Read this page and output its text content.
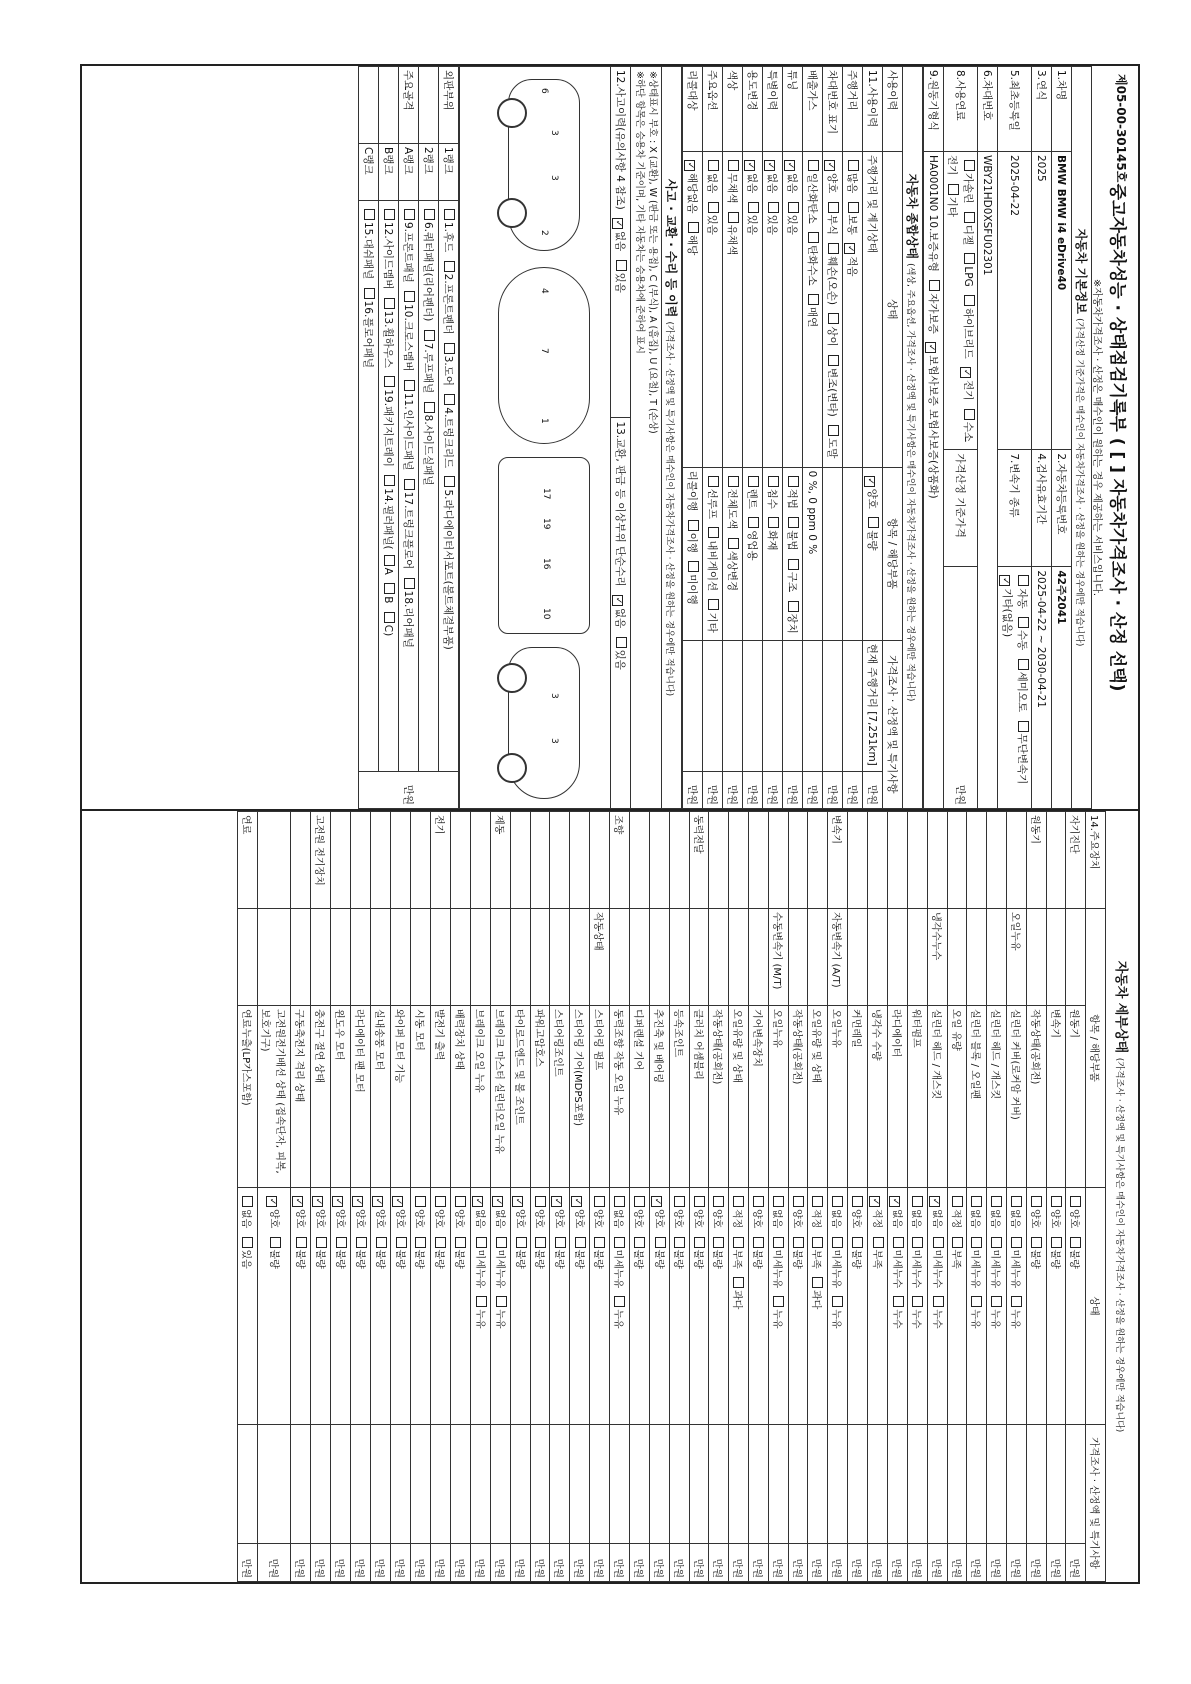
제05-00-30145호
중고자동차성능 · 상태점검기록부 ( [ ] 자동차가격조사 · 산정 선택)
※자동차가격조사 · 산정은 매수인이 원하는 경우 제공하는 서비스입니다.
자동차 기본정보 (가격산정 기준가격은 매수인이 자동차가격조사 · 산정을 원하는 경우에만 적습니다)			
1.차명	BMW BMW i4 eDrive40	2.자동차등록번호	42주2041
3.연식	2025	4.검사유효기간	2025-04-22 ~ 2030-04-21
5.최초등록일	2025-04-22	7.변속기 종류	자동 수동 세미오토 무단변속기 ✓기타(없음)
6.차대번호	WBY21HD0XSFU02301		
8.사용연료	가솔린 디젤 LPG 하이브리드 ✓전기 수소전기 기타	가격산정 기준가격	만원
9.원동기형식	HA0001N0 10.보증유형 자가보증 ✓보험사보증 보험사보증(상품화)
자동차 종합상태 (색상, 주요옵션, 가격조사 · 산정액 및 특기사항은 매수인이 자동차가격조사 · 산정을 원하는 경우에만 적습니다)				
사용이력	상태	항목 / 해당부품	가격조사 · 산정액 및 특기사항	
11.사용이력	주행거리 및 계기상태	✓양호 불량	현재 주행거리 [7,251km]	만원
주행거리	많음 보통 ✓적음			만원
차대번호 표기	✓양호 부식 훼손(오손) 상이 변조(변타) 도말			만원
배출가스	일산화탄소 탄화수소 매연	0 %, 0 ppm 0 %		만원
튜닝	✓없음 있음	적법 불법 구조 장치		만원
특별이력	✓없음 있음	침수 화재		만원
용도변경	✓없음 있음	렌트 영업용		만원
색상	무채색 유채색	전체도색 색상변경		만원
주요옵션	없음 있음	선루프 내비게이션 기타		만원
리콜대상	✓해당없음 해당	리콜이행 이행 미이행		만원
사고 · 교환 · 수리 등 이력 (가격조사 · 산정액 및 특기사항은 매수인이 자동차가격조사 · 산정을 원하는 경우에만 적습니다)

※상태표시 부호 : X (교환), W (판금 또는 용접), C (부식), A (흠집), U (요철), T (손상)
※하단 항목은 승용차 기준이며, 기타 자동차는 승용차에 준하여 표시

12.사고이력(유의사항 4 참조) ✓없음 있음	13.교환, 판금 등 이상부위 단순수리 ✓없음 있음
3
3
6
2
4
7
1
17
19
16
10
3
3
외판부위	1랭크	1.후드 2.프론트펜더 3.도어 4.트렁크리드 5.라디에이터서포트(볼트체결부품)	만원
	2랭크	6.쿼터패널(리어펜더) 7.루프패널 8.사이드실패널	
주요골격	A랭크	9.프론트패널 10.크로스멤버 11.인사이드패널 17.트렁크플로어 18.리어패널	
	B랭크	12.사이드멤버 13.휠하우스 19.패키지트레이 14.필러패널(A B C)	
	C랭크	15.대쉬패널 16.플로어패널	
자동차 세부상태 (가격조사 · 산정액 및 특기사항은 매수인이 자동차가격조사 · 산정을 원하는 경우에만 적습니다)
14.주요장치	항목 / 해당부품		상태	가격조사 · 산정액 및 특기사항	
자기진단		원동기	양호 불량		만원
		변속기	양호 불량		만원
원동기		작동상태(공회전)	양호 불량		만원
	오일누유	실린더 커버(로커암 커버)	없음 미세누유 누유		만원
		실린더 헤드 / 개스킷	없음 미세누유 누유		만원
		실린더 블록 / 오일팬	없음 미세누유 누유		만원
		오일 유량	적정 부족		만원
	냉각수누수	실린더 헤드 / 개스킷	✓없음 미세누수 누수		만원
		워터펌프	없음 미세누수 누수		만원
		라디에이터	✓없음 미세누수 누수		만원
		냉각수 수량	✓적정 부족		만원
		커먼레일	양호 불량		만원
변속기	자동변속기 (A/T)	오일누유	없음 미세누유 누유		만원
		오일유량 및 상태	적정 부족 과다		만원
		작동상태(공회전)	양호 불량		만원
	수동변속기 (M/T)	오일누유	없음 미세누유 누유		만원
		기어변속장치	양호 불량		만원
		오일유량 및 상태	적정 부족 과다		만원
		작동상태(공회전)	양호 불량		만원
동력전달		클러치 어셈블리	양호 불량		만원
		등속조인트	양호 불량		만원
		추진축 및 베어링	✓양호 불량		만원
		디퍼렌셜 기어	양호 불량		만원
조향		동력조향 작동 오일 누유	없음 미세누유 누유		만원
	작동상태	스티어링 펌프	양호 불량		만원
		스티어링 기어(MDPS포함)	✓양호 불량		만원
		스티어링조인트	✓양호 불량		만원
		파워고압호스	양호 불량		만원
		타이로드엔드 및 볼 조인트	✓양호 불량		만원
제동		브레이크 마스터 실린더오일 누유	✓없음 미세누유 누유		만원
		브레이크 오일 누유	✓없음 미세누유 누유		만원
		배력장치 상태	양호 불량		만원
전기		발전기 출력	양호 불량		만원
		시동 모터	양호 불량		만원
		와이퍼 모터 기능	✓양호 불량		만원
		실내송풍 모터	✓양호 불량		만원
		라디에이터 팬 모터	✓양호 불량		만원
		윈도우 모터	✓양호 불량		만원
고전원 전기장치		충전구 절연 상태	✓양호 불량		만원
		구동축전지 격리 상태	✓양호 불량		만원
		고전원전기배선 상태 (접속단자, 피복, 보호기구)	✓양호 불량		만원
연료		연료누출(LP가스포함)	없음 있음		만원
